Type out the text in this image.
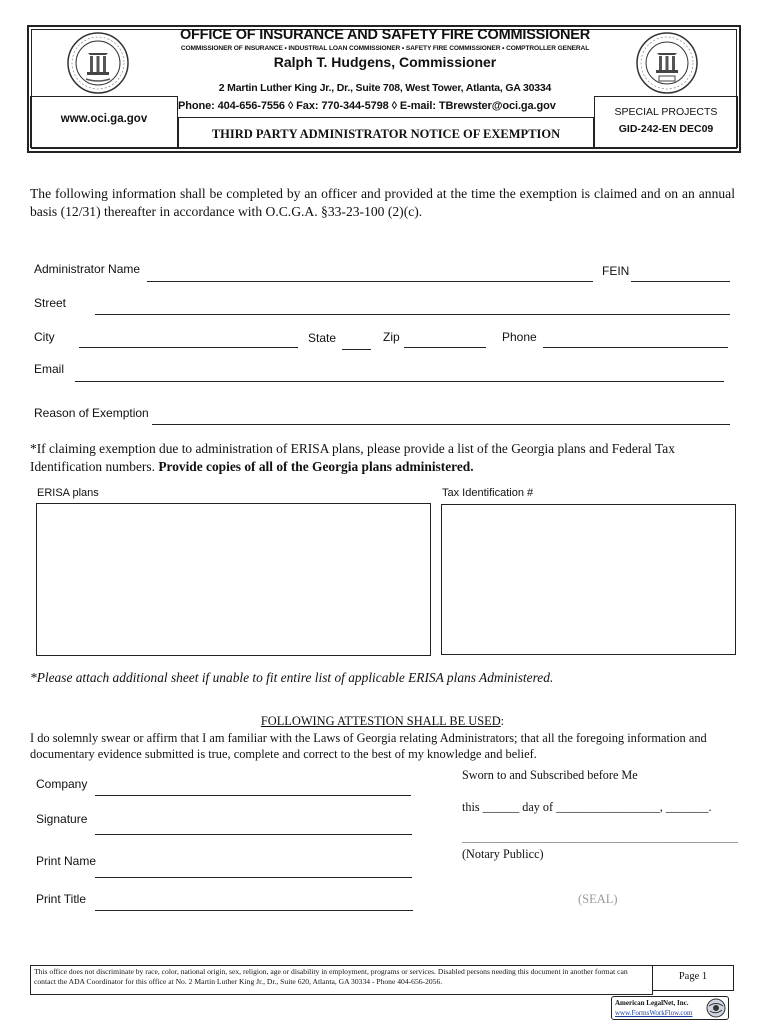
OFFICE OF INSURANCE AND SAFETY FIRE COMMISSIONER
COMMISSIONER OF INSURANCE • INDUSTRIAL LOAN COMMISSIONER • SAFETY FIRE COMMISSIONER • COMPTROLLER GENERAL
Ralph T. Hudgens, Commissioner
2 Martin Luther King Jr., Dr., Suite 708, West Tower, Atlanta, GA 30334
Phone: 404-656-7556 ◊ Fax: 770-344-5798 ◊ E-mail: TBrewster@oci.ga.gov
www.oci.ga.gov
THIRD PARTY ADMINISTRATOR NOTICE OF EXEMPTION
SPECIAL PROJECTS
GID-242-EN DEC09
The following information shall be completed by an officer and provided at the time the exemption is claimed and on an annual basis (12/31) thereafter in accordance with O.C.G.A. §33-23-100 (2)(c).
Administrator Name	FEIN
Street
City	State	Zip	Phone
Email
Reason of Exemption
*If claiming exemption due to administration of ERISA plans, please provide a list of the Georgia plans and Federal Tax Identification numbers. Provide copies of all of the Georgia plans administered.
ERISA plans	Tax Identification #
*Please attach additional sheet if unable to fit entire list of applicable ERISA plans Administered.
FOLLOWING ATTESTION SHALL BE USED:
I do solemnly swear or affirm that I am familiar with the Laws of Georgia relating Administrators; that all the foregoing information and documentary evidence submitted is true, complete and correct to the best of my knowledge and belief.
Company
Signature
Print Name
Print Title
Sworn to and Subscribed before Me
this ______ day of _________________, _______.
______________________________________________
(Notary Publicc)
(SEAL)
This office does not discriminate by race, color, national origin, sex, religion, age or disability in employment, programs or services. Disabled persons needing this document in another format can contact the ADA Coordinator for this office at No. 2 Martin Luther King Jr., Dr., Suite 620, Atlanta, GA 30334 - Phone 404-656-2056.	Page 1
American LegalNet, Inc.
www.FormsWorkFlow.com
